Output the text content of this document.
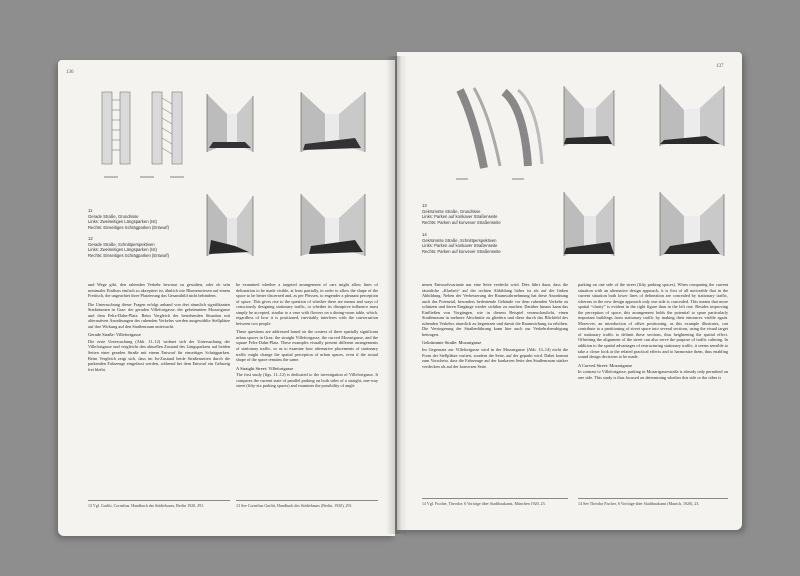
136
11
Gerade Straße, Grundrisse
Links: Zweiseitiges Längsparken (Ist)
Rechts: Einseitiges Schrägparken (Entwurf)
12
Gerade Straße, Schnittperspektiven
Links: Zweiseitiges Längsparken (Ist)
Rechts: Einseitiges Schrägparken (Entwurf)

und Wege gibt, den ruhenden Verkehr bewusst zu gestalten, oder ob sein minimaler Einfluss einfach so akzeptiert ist, ähnlich wie Blumenwiesen auf einem Freitisch, die ungeachtet ihrer Platzierung das Gesamtbild nicht behindern.

Die Untersuchung dieser Fragen erfolgt anhand von drei räumlich signifikanten Stadträumen in Graz: der geraden Villefortgasse, der gekrümmten Mozartgasse und dem Felix-Dahn-Platz. Beim Vergleich der bestehenden Situation mit alternativen Anordnungen des ruhenden Verkehrs werden ausgewählte Stellplätze auf ihre Wirkung auf den Straßenraum untersucht.

Gerade Straße: Villefortgasse

Die erste Untersuchung (Abb. 11–12) widmet sich der Untersuchung der Villefortgasse und vergleicht den aktuellen Zustand des Längsparkens auf beiden Seiten einer geraden Straße mit einem Entwurf für einseitiges Schrägparken. Beim Vergleich zeigt sich, dass im Ist-Zustand beide Straßenseiten durch die parkenden Fahrzeuge eingefasst werden, während bei dem Entwurf ein Gehsteig frei bleibt.

be examined whether a targeted arrangement of cars might allow lines of delineation to be made visible, at least partially, in order to allow the shape of the space to be better discerned and, as per Plessen, to engender a pleasant perception of space. This gives rise to the question of whether there are means and ways of consciously designing stationary traffic, or whether its disruptive influence must simply be accepted, similar to a vase with flowers on a dining-room table, which, regardless of how it is positioned, inevitably interferes with the conversation between two people.

These questions are addressed based on the context of three spatially significant urban spaces in Graz: the straight Villefortgasse, the curved Mozartgasse, and the square Felix-Dahn-Platz. These examples visually present different arrangements of stationary traffic, so as to examine how alternative placements of stationary traffic might change the spatial perception of urban spaces, even if the actual shape of the space remains the same.

A Straight Street: Villefortgasse

The first study (figs. 11–12) is dedicated to the investigation of Villefortgasse. It compares the current state of parallel parking on both sides of a straight, one-way street (fifty-six parking spaces) and examines the possibility of angle

13 Vgl. Gurlitt, Cornelius: Handbuch des Städtebaues, Berlin 1920, 291.	13 See Cornelius Gurlitt, Handbuch des Städtebaues (Berlin, 1920), 291.
137
13
Gekrümmte Straße, Grundrisse
Links: Parken auf konkaver Straßenseite
Rechts: Parken auf konvexer Straßenseite
14
Gekrümmte Straße, Schnittperspektiven
Links: Parken auf konkaver Straßenseite
Rechts: Parken auf konvexer Straßenseite

neuen Entwurfsvariante nur eine Seite verdeckt wird. Dies führt dazu, dass die räumliche „Klarheit“ auf der rechten Abbildung höher ist als auf der linken Abbildung. Neben der Verbesserung der Raumwahrnehmung hat diese Anordnung auch das Potenzial, besonders bedeutende Gebäude vor dem ruhenden Verkehr zu schützen und deren Eingänge wieder sichtbar zu machen. Darüber hinaus kann das Einfließen von Vorgängen, wie in diesem Beispiel veranschaulicht, einen Straßenraum in mehrere Abschnitte zu gliedern und diese durch das Blickfeld des ruhenden Verkehrs räumlich zu begrenzen und damit die Raumwirkung zu erhöhen. Die Verringerung der Straßenführung kann hier auch zur Verkehrsberuhigung beitragen.

Gekrümmte Straße: Mozartgasse

Im Gegensatz zur Villefortgasse wird in der Mozartgasse (Abb. 13–14) nicht die Form der Stellplätze variiert, sondern die Seite, auf der geparkt wird. Dabei kommt zum Vorschein, dass die Fahrzeuge auf der konkaven Seite den Straßenraum stärker verdecken als auf der konvexen Seite.

parking on one side of the street (fifty parking spaces). When comparing the current situation with an alternative design approach, it is first of all noticeable that in the current situation both lower lines of delineation are concealed by stationary traffic, whereas in the new design approach only one side is concealed. This means that more spatial “clarity” is evident in the right figure than in the left one. Besides improving the perception of space, this arrangement holds the potential to spare particularly important buildings from stationary traffic by making their entrances visible again. Moreover, an introduction of offset positioning, as this example illustrates, can contribute to a partitioning of street space into several sections, using the visual target of stationary traffic to delimit these sections, thus heightening the spatial effect. Offsetting the alignment of the street can also serve the purpose of traffic calming. In addition to the spatial advantages of restructuring stationary traffic, it seems sensible to take a closer look at the related practical effects and to harmonize them, thus enabling sound design decisions to be made.

A Curved Street: Mozartgasse

In contrast to Villefortgasse, parking in Mozartgassestraße is already only permitted on one side. This study is thus focused on determining whether this side or the other is

14 Vgl. Fischer, Theodor: 6 Vorträge über Stadtbaukunst, München 1920, 23.	14 See Theodor Fischer, 6 Vorträge über Stadtbaukunst (Munich, 1920), 23.
